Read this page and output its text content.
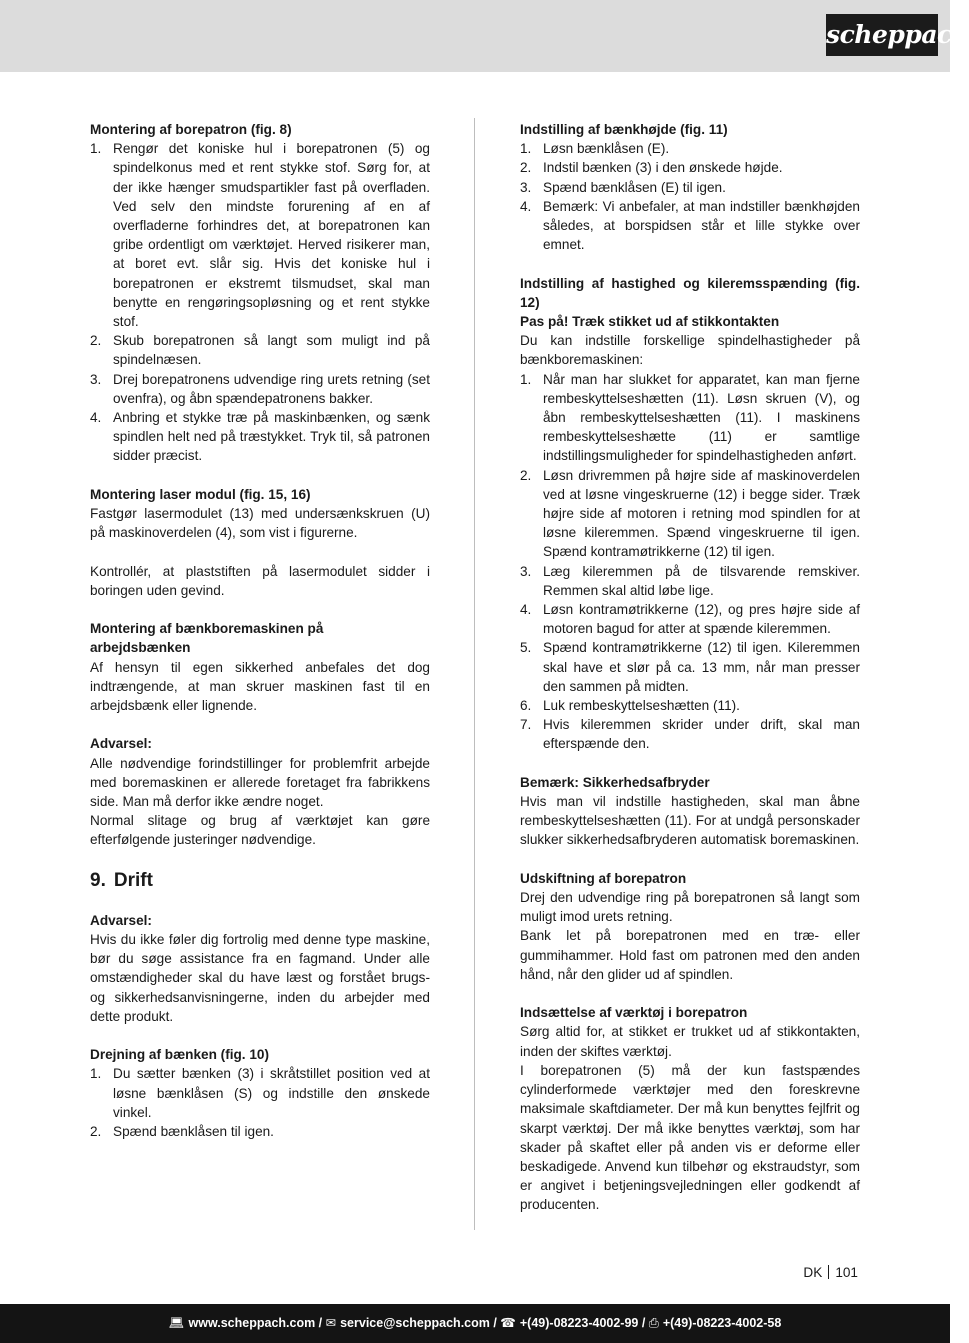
scheppach
Montering af borepatron (fig. 8)
1. Rengør det koniske hul i borepatronen (5) og spindelkonus med et rent stykke stof. Sørg for, at der ikke hænger smudspartikler fast på overfladen. Ved selv den mindste forurening af en af overfladerne forhindres det, at borepatronen kan gribe ordentligt om værktøjet. Herved risikerer man, at boret evt. slår sig. Hvis det koniske hul i borepatronen er ekstremt tilsmudset, skal man benytte en rengøringsopløsning og et rent stykke stof.
2. Skub borepatronen så langt som muligt ind på spindelnæsen.
3. Drej borepatronens udvendige ring urets retning (set ovenfra), og åbn spændepatronens bakker.
4. Anbring et stykke træ på maskinbænken, og sænk spindlen helt ned på træstykket. Tryk til, så patronen sidder præcist.
Montering laser modul (fig. 15, 16)

Fastgør lasermodulet (13) med undersænkskruen (U) på maskinoverdelen (4), som vist i figurerne.

Kontrollér, at plaststiften på lasermodulet sidder i boringen uden gevind.

Montering af bænkboremaskinen på
arbejdsbænken

Af hensyn til egen sikkerhed anbefales det dog indtrængende, at man skruer maskinen fast til en arbejdsbænk eller lignende.

Advarsel:

Alle nødvendige forindstillinger for problemfrit arbejde med boremaskinen er allerede foretaget fra fabrikkens side. Man må derfor ikke ændre noget.

Normal slitage og brug af værktøjet kan gøre efterfølgende justeringer nødvendige.

9. Drift
Advarsel:

Hvis du ikke føler dig fortrolig med denne type maskine, bør du søge assistance fra en fagmand. Under alle omstændigheder skal du have læst og forstået brugs- og sikkerhedsanvisningerne, inden du arbejder med dette produkt.

Drejning af bænken (fig. 10)
1. Du sætter bænken (3) i skråtstillet position ved at løsne bænklåsen (S) og indstille den ønskede vinkel.
2. Spænd bænklåsen til igen.
Indstilling af bænkhøjde (fig. 11)
1. Løsn bænklåsen (E).
2. Indstil bænken (3) i den ønskede højde.
3. Spænd bænklåsen (E) til igen.
4. Bemærk: Vi anbefaler, at man indstiller bænkhøjden således, at borspidsen står et lille stykke over emnet.
Indstilling af hastighed og kileremsspænding (fig. 12)
Pas på! Træk stikket ud af stikkontakten

Du kan indstille forskellige spindelhastigheder på bænkboremaskinen:

1. Når man har slukket for apparatet, kan man fjerne rembeskyttelseshætten (11). Løsn skruen (V), og åbn rembeskyttelseshætten (11). I maskinens rembeskyttelseshætte (11) er samtlige indstillingsmuligheder for spindelhastigheden anført.
2. Løsn drivremmen på højre side af maskinoverdelen ved at løsne vingeskruerne (12) i begge sider. Træk højre side af motoren i retning mod spindlen for at løsne kileremmen. Spænd vingeskruerne til igen. Spænd kontramøtrikkerne (12) til igen.
3. Læg kileremmen på de tilsvarende remskiver. Remmen skal altid løbe lige.
4. Løsn kontramøtrikkerne (12), og pres højre side af motoren bagud for atter at spænde kileremmen.
5. Spænd kontramøtrikkerne (12) til igen. Kileremmen skal have et slør på ca. 13 mm, når man presser den sammen på midten.
6. Luk rembeskyttelseshætten (11).
7. Hvis kileremmen skrider under drift, skal man efterspænde den.
Bemærk: Sikkerhedsafbryder

Hvis man vil indstille hastigheden, skal man åbne rembeskyttelseshætten (11). For at undgå personskader slukker sikkerhedsafbryderen automatisk boremaskinen.

Udskiftning af borepatron

Drej den udvendige ring på borepatronen så langt som muligt imod urets retning.

Bank let på borepatronen med en træ- eller gummihammer. Hold fast om patronen med den anden hånd, når den glider ud af spindlen.

Indsættelse af værktøj i borepatron

Sørg altid for, at stikket er trukket ud af stikkontakten, inden der skiftes værktøj.

I borepatronen (5) må der kun fastspændes cylinderformede værktøjer med den foreskrevne maksimale skaftdiameter. Der må kun benyttes fejlfrit og skarpt værktøj. Der må ikke benyttes værktøj, som har skader på skaftet eller på anden vis er deforme eller beskadigede. Anvend kun tilbehør og ekstraudstyr, som er angivet i betjeningsvejledningen eller godkendt af producenten.

DK 101
💻︎ www.scheppach.com / ✉ service@scheppach.com / ☎ +(49)-08223-4002-99 / ⎙ +(49)-08223-4002-58
